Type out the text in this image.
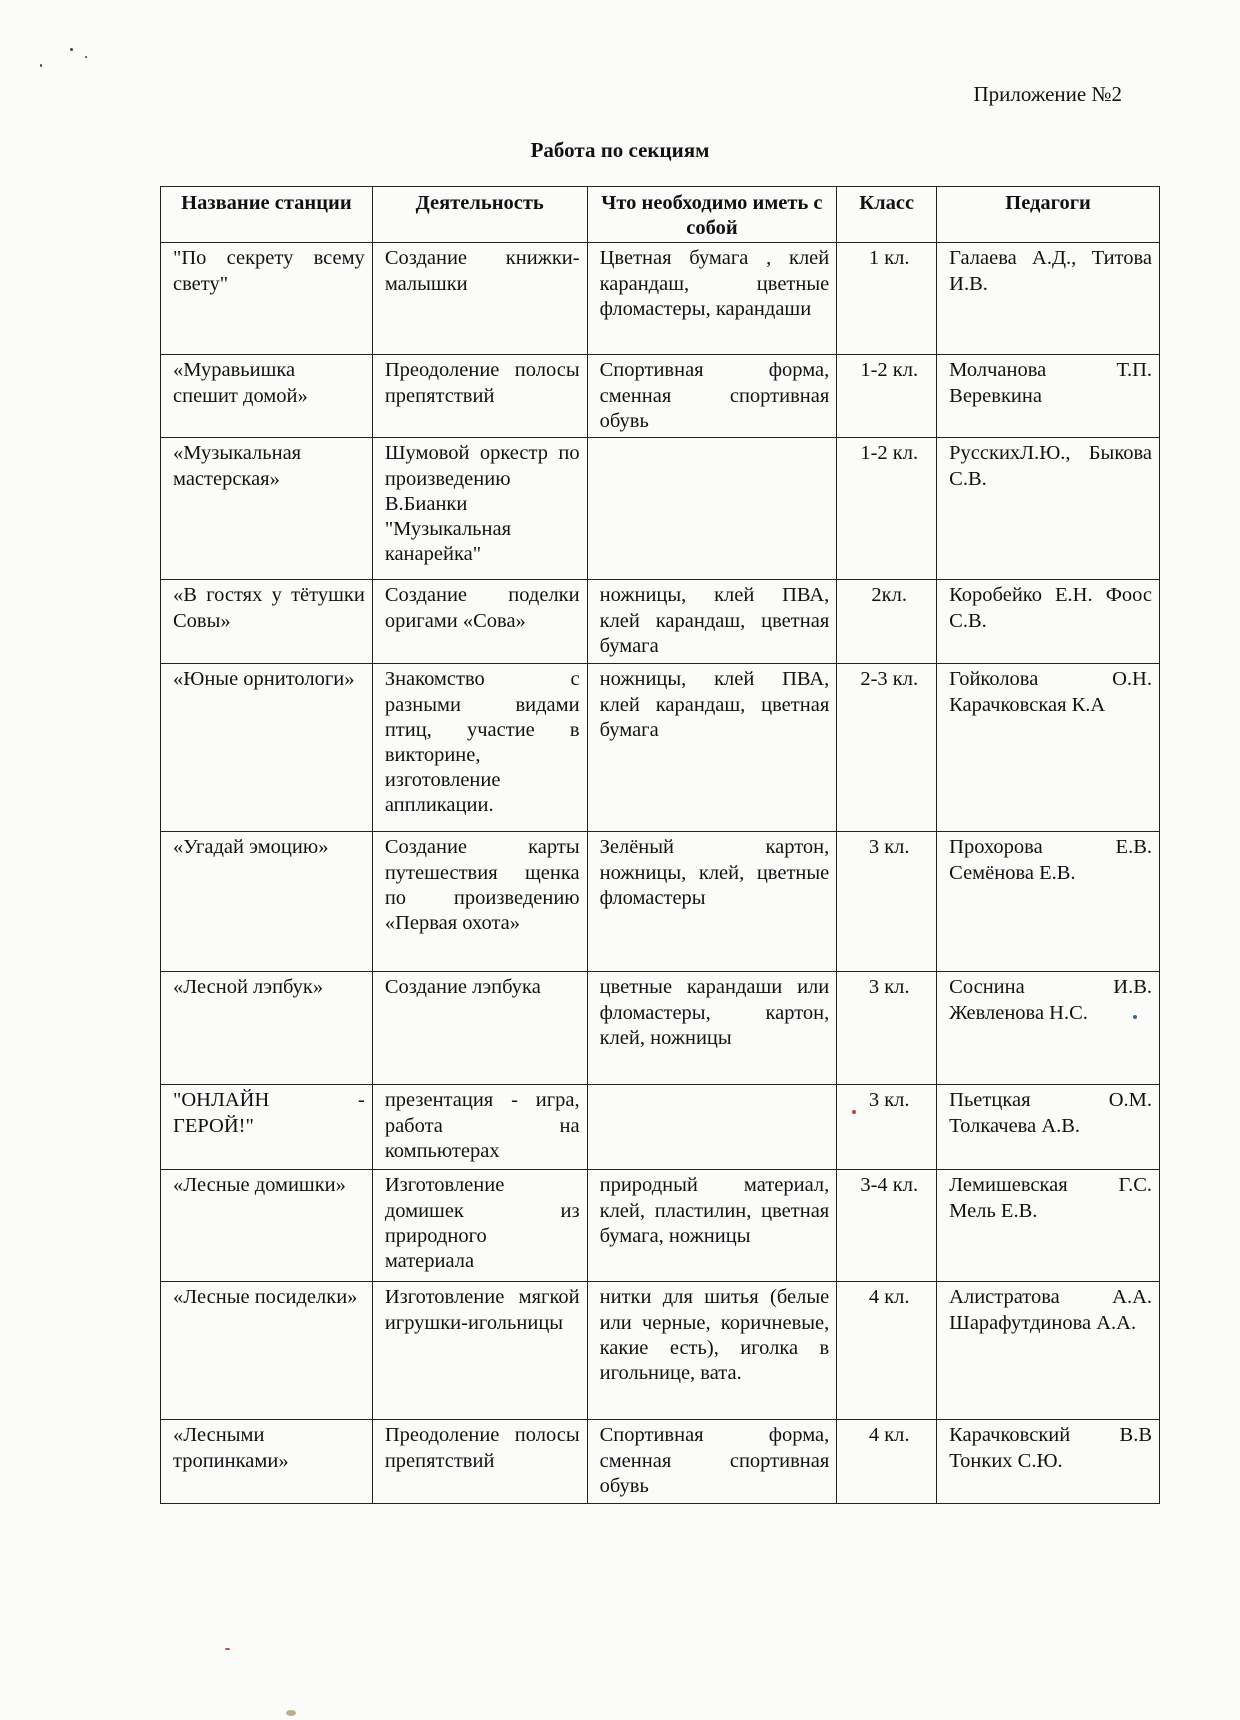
Приложение №2
Работа по секциям
Название станции	Деятельность	Что необходимо иметь с собой	Класс	Педагоги
"По секрету всему свету"	Создание книжки-малышки	Цветная бумага , клей карандаш, цветные фломастеры, карандаши	1 кл.	Галаева А.Д., Титова И.В.
«Муравьишка спешит домой»	Преодоление полосы препятствий	Спортивная форма, сменная спортивная обувь	1-2 кл.	Молчанова Т.П. Веревкина
«Музыкальная мастерская»	Шумовой оркестр по произведению В.Бианки "Музыкальная канарейка"		1-2 кл.	РусскихЛ.Ю., Быкова С.В.
«В гостях у тётушки Совы»	Создание поделки оригами «Сова»	ножницы, клей ПВА, клей карандаш, цветная бумага	2кл.	Коробейко Е.Н. Фоос С.В.
«Юные орнитологи»	Знакомство с разными видами птиц, участие в викторине, изготовление аппликации.	ножницы, клей ПВА, клей карандаш, цветная бумага	2-3 кл.	Гойколова О.Н. Карачковская К.А
«Угадай эмоцию»	Создание карты путешествия щенка по произведению «Первая охота»	Зелёный картон, ножницы, клей, цветные фломастеры	3 кл.	Прохорова Е.В. Семёнова Е.В.
«Лесной лэпбук»	Создание лэпбука	цветные карандаши или фломастеры, картон, клей, ножницы	3 кл.	Соснина И.В. Жевленова Н.С.
"ОНЛАЙН - ГЕРОЙ!"	презентация - игра, работа на компьютерах		3 кл.	Пьетцкая О.М. Толкачева А.В.
«Лесные домишки»	Изготовление домишек из природного материала	природный материал, клей, пластилин, цветная бумага, ножницы	3-4 кл.	Лемишевская Г.С. Мель Е.В.
«Лесные посиделки»	Изготовление мягкой игрушки-игольницы	нитки для шитья (белые или черные, коричневые, какие есть), иголка в игольнице, вата.	4 кл.	Алистратова А.А. Шарафутдинова А.А.
«Лесными тропинками»	Преодоление полосы препятствий	Спортивная форма, сменная спортивная обувь	4 кл.	Карачковский В.В Тонких С.Ю.
